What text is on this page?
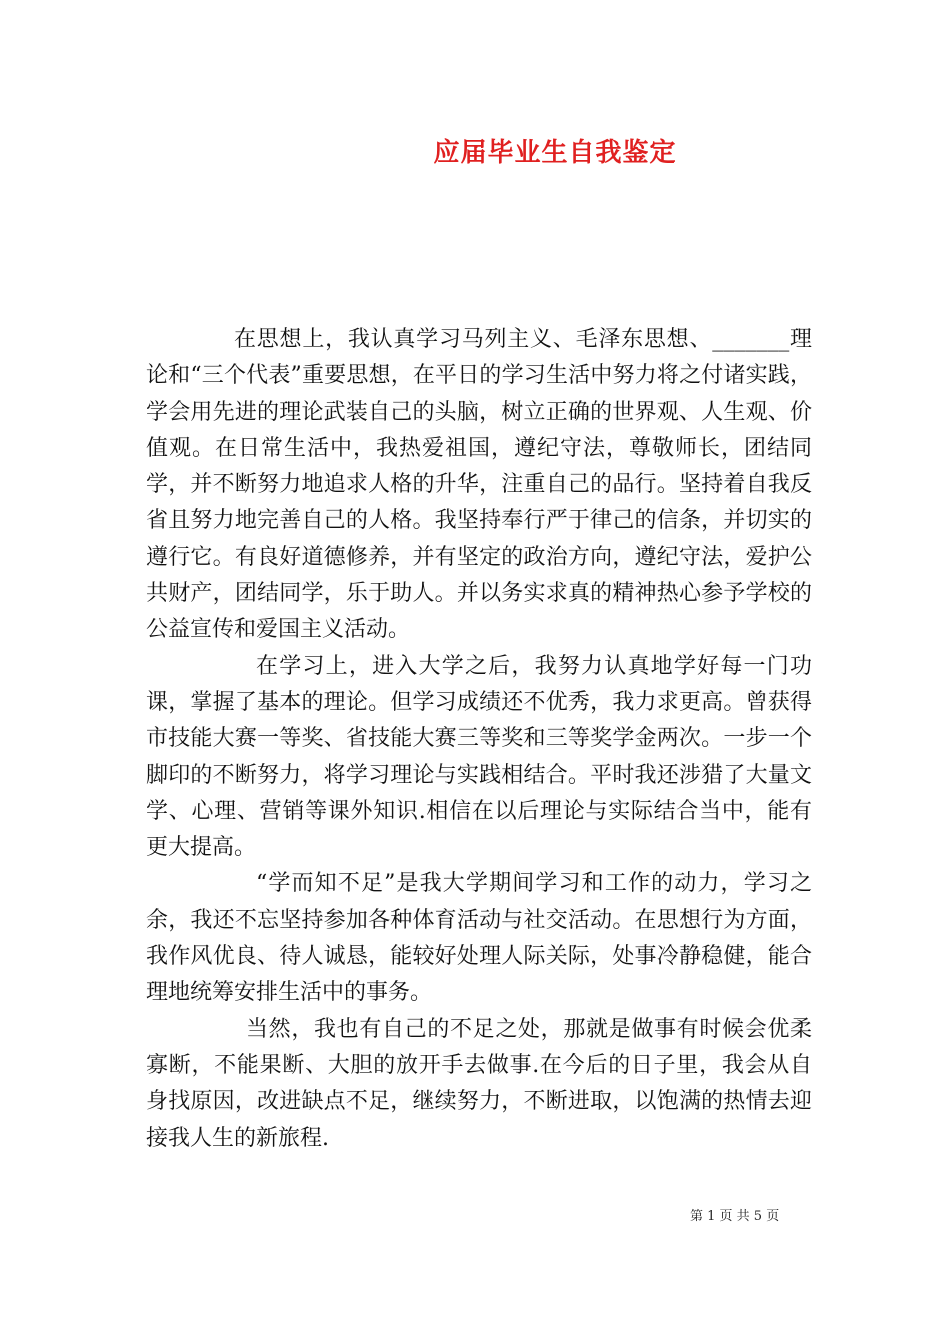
应届毕业生自我鉴定

在思想上，我认真学习马列主义、毛泽东思想、_______理论和“三个代表”重要思想，在平日的学习生活中努力将之付诸实践，学会用先进的理论武装自己的头脑，树立正确的世界观、人生观、价值观。在日常生活中，我热爱祖国，遵纪守法，尊敬师长，团结同学，并不断努力地追求人格的升华，注重自己的品行。坚持着自我反省且努力地完善自己的人格。我坚持奉行严于律己的信条，并切实的遵行它。有良好道德修养，并有坚定的政治方向，遵纪守法，爱护公共财产，团结同学，乐于助人。并以务实求真的精神热心参予学校的公益宣传和爱国主义活动。

在学习上，进入大学之后，我努力认真地学好每一门功课，掌握了基本的理论。但学习成绩还不优秀，我力求更高。曾获得市技能大赛一等奖、省技能大赛三等奖和三等奖学金两次。一步一个脚印的不断努力，将学习理论与实践相结合。平时我还涉猎了大量文学、心理、营销等课外知识.相信在以后理论与实际结合当中，能有更大提高。

“学而知不足”是我大学期间学习和工作的动力，学习之余，我还不忘坚持参加各种体育活动与社交活动。在思想行为方面，我作风优良、待人诚恳，能较好处理人际关际，处事冷静稳健，能合理地统筹安排生活中的事务。

当然，我也有自己的不足之处，那就是做事有时候会优柔寡断，不能果断、大胆的放开手去做事.在今后的日子里，我会从自身找原因，改进缺点不足，继续努力，不断进取，以饱满的热情去迎接我人生的新旅程.

第 1 页 共 5 页
